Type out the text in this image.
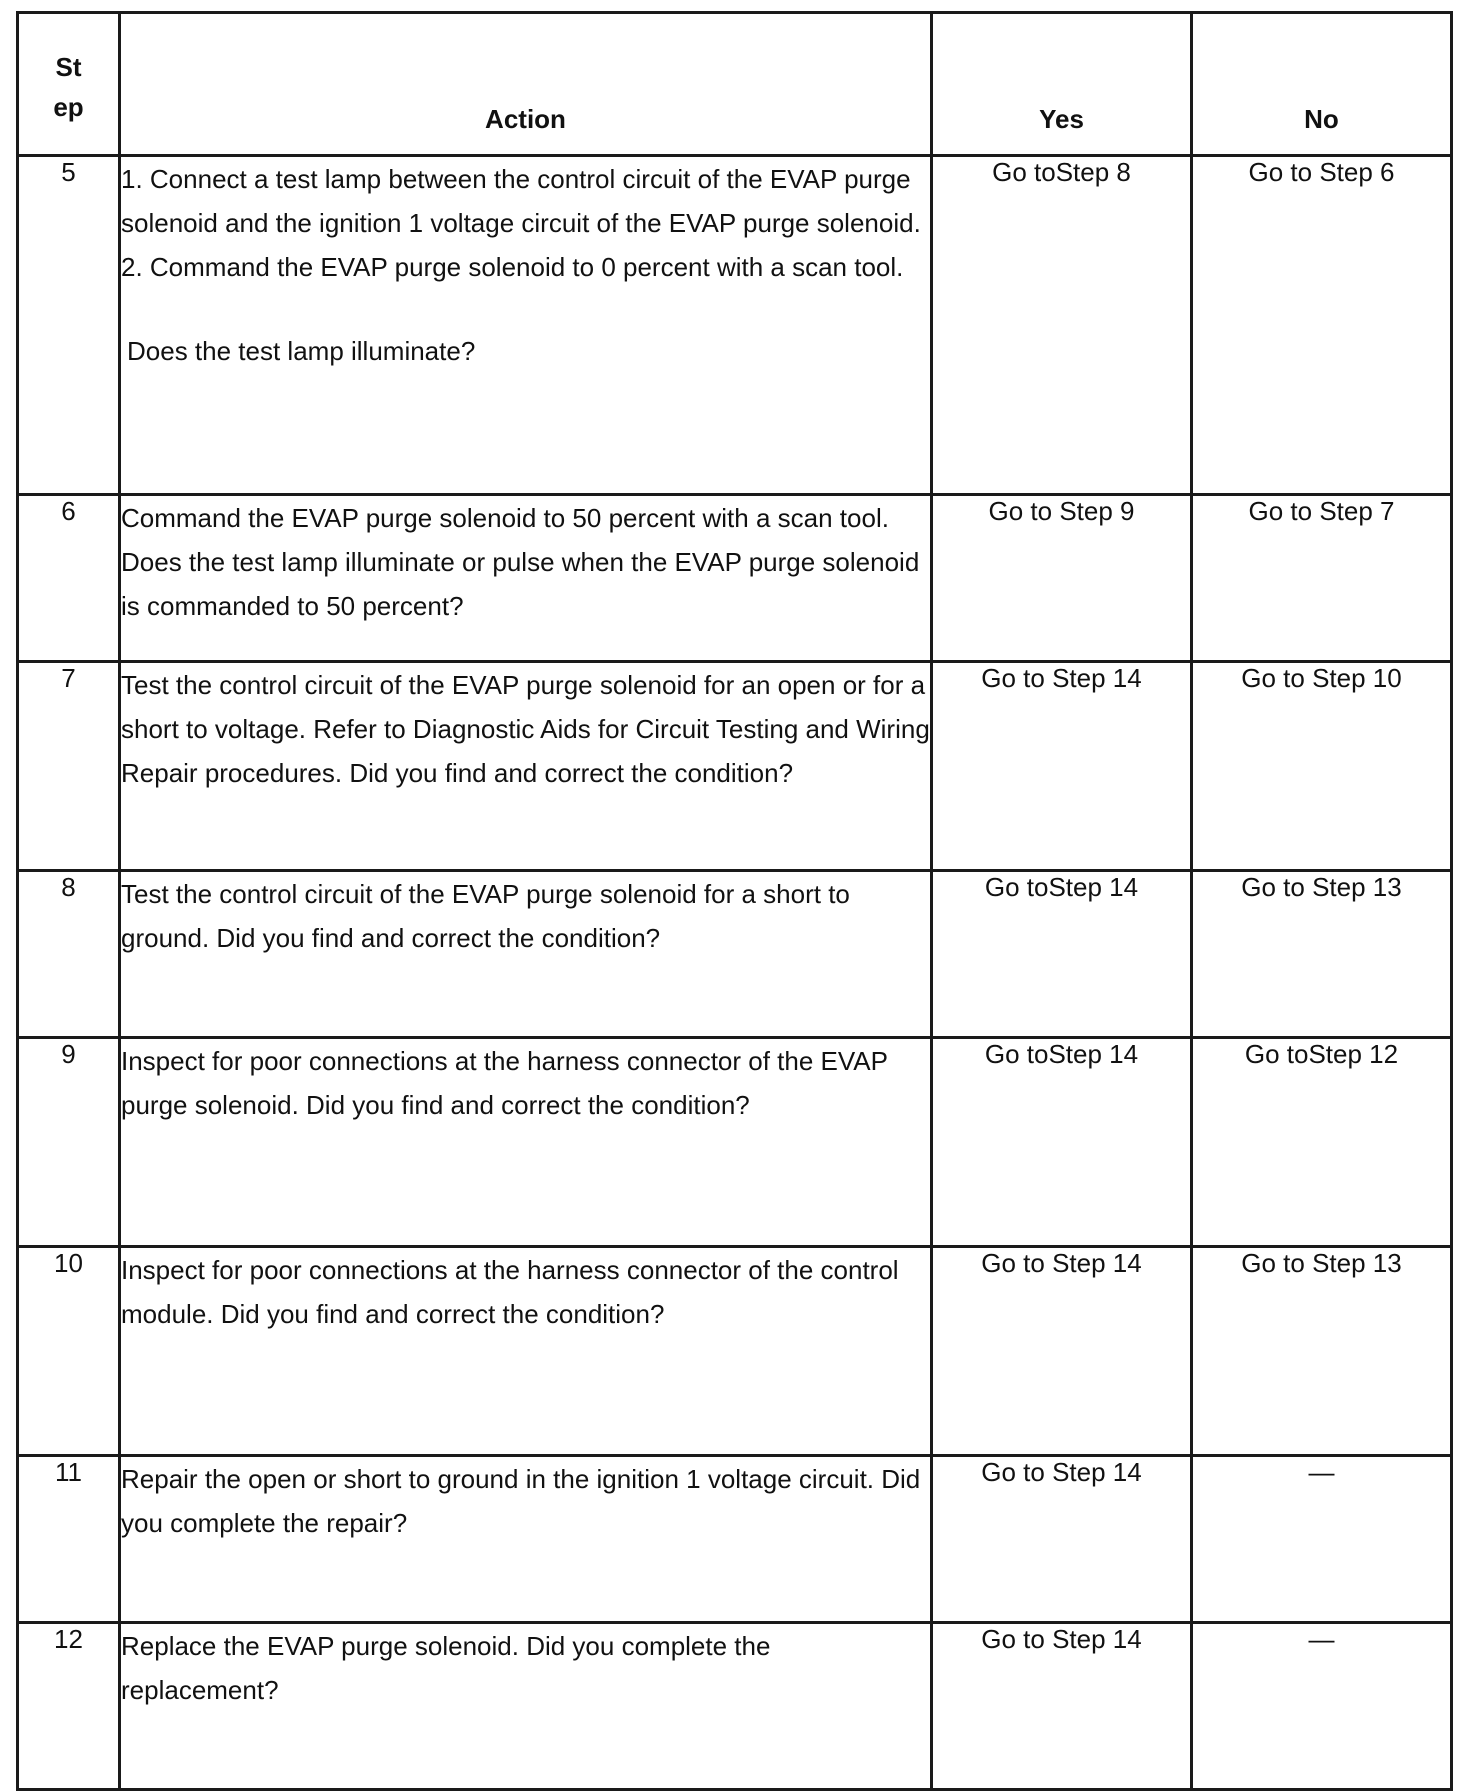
St
ep	Action	Yes	No

5	1. Connect a test lamp between the control circuit of the EVAP purge solenoid and the ignition 1 voltage circuit of the EVAP purge solenoid.
2. Command the EVAP purge solenoid to 0 percent with a scan tool.
Does the test lamp illuminate?	Go toStep 8	Go to Step 6
6	Command the EVAP purge solenoid to 50 percent with a scan tool. Does the test lamp illuminate or pulse when the EVAP purge solenoid is commanded to 50 percent?	Go to Step 9	Go to Step 7
7	Test the control circuit of the EVAP purge solenoid for an open or for a short to voltage. Refer to Diagnostic Aids for Circuit Testing and Wiring Repair procedures. Did you find and correct the condition?	Go to Step 14	Go to Step 10
8	Test the control circuit of the EVAP purge solenoid for a short to ground. Did you find and correct the condition?	Go toStep 14	Go to Step 13
9	Inspect for poor connections at the harness connector of the EVAP purge solenoid. Did you find and correct the condition?	Go toStep 14	Go toStep 12
10	Inspect for poor connections at the harness connector of the control module. Did you find and correct the condition?	Go to Step 14	Go to Step 13
11	Repair the open or short to ground in the ignition 1 voltage circuit. Did you complete the repair?	Go to Step 14	—
12	Replace the EVAP purge solenoid. Did you complete the replacement?	Go to Step 14	—
